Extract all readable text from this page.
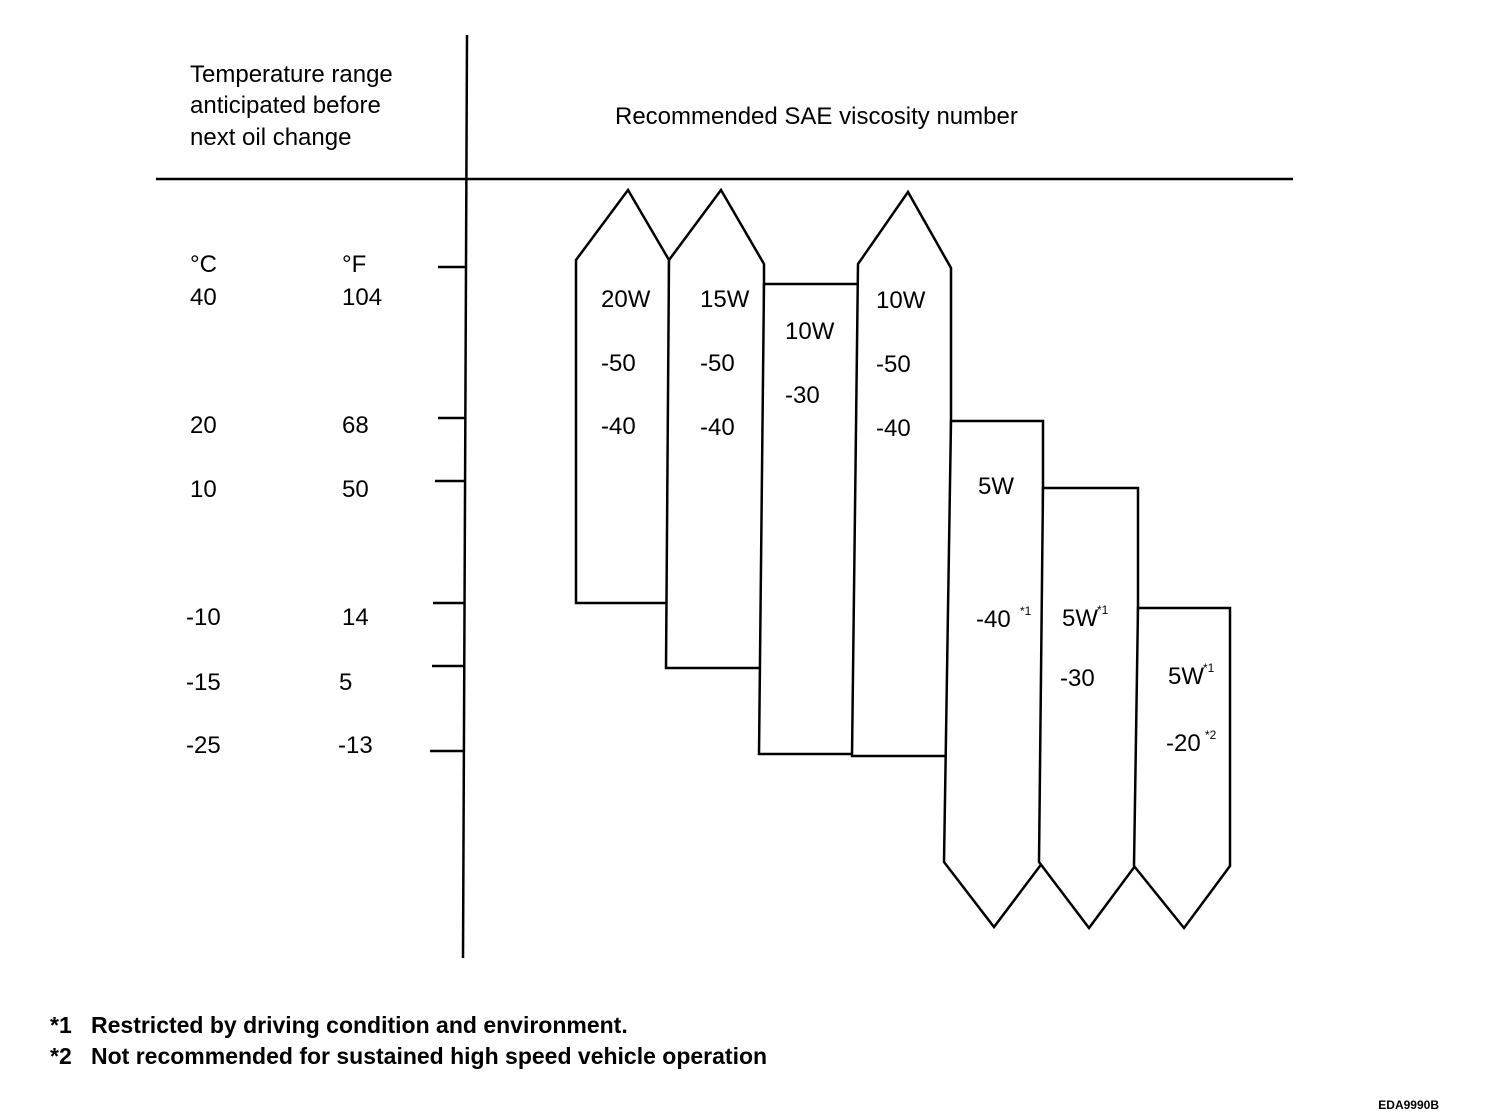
Temperature range
anticipated before
next oil change
Recommended SAE viscosity number
°C	°F
40	104
20	68
10	50
-10	14
-15	5
-25	-13
20W
-50
-40
15W
-50
-40
10W
-30
10W
-50
-40
5W
-40 *1 5W *1
-30	5W *1
-20 *2
*1 Restricted by driving condition and environment.
*2 Not recommended for sustained high speed vehicle operation
EDA9990B
